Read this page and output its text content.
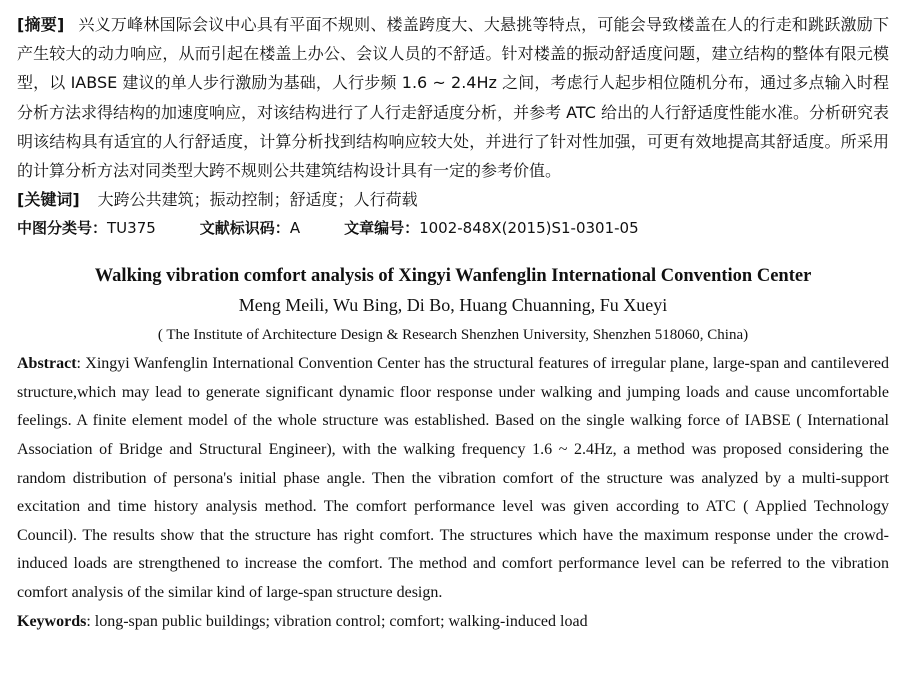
[摘要] 兴义万峰林国际会议中心具有平面不规则、楼盖跨度大、大悬挑等特点，可能会导致楼盖在人的行走和跳跃激励下产生较大的动力响应，从而引起在楼盖上办公、会议人员的不舒适。针对楼盖的振动舒适度问题，建立结构的整体有限元模型，以 IABSE 建议的单人步行激励为基础，人行步频 1.6 ~ 2.4Hz 之间，考虑行人起步相位随机分布，通过多点输入时程分析方法求得结构的加速度响应，对该结构进行了人行走舒适度分析，并参考 ATC 给出的人行舒适度性能水准。分析研究表明该结构具有适宜的人行舒适度，计算分析找到结构响应较大处，并进行了针对性加强，可更有效地提高其舒适度。所采用的计算分析方法对同类型大跨不规则公共建筑结构设计具有一定的参考价值。

[关键词] 大跨公共建筑；振动控制；舒适度；人行荷载

中图分类号：TU375	文献标识码：A	文章编号：1002-848X(2015)S1-0301-05

Walking vibration comfort analysis of Xingyi Wanfenglin International Convention Center

Meng Meili, Wu Bing, Di Bo, Huang Chuanning, Fu Xueyi

( The Institute of Architecture Design & Research Shenzhen University, Shenzhen 518060, China)

Abstract: Xingyi Wanfenglin International Convention Center has the structural features of irregular plane, large-span and cantilevered structure,which may lead to generate significant dynamic floor response under walking and jumping loads and cause uncomfortable feelings. A finite element model of the whole structure was established. Based on the single walking force of IABSE ( International Association of Bridge and Structural Engineer), with the walking frequency 1.6 ~ 2.4Hz, a method was proposed considering the random distribution of persona's initial phase angle. Then the vibration comfort of the structure was analyzed by a multi-support excitation and time history analysis method. The comfort performance level was given according to ATC ( Applied Technology Council). The results show that the structure has right comfort. The structures which have the maximum response under the crowd-induced loads are strengthened to increase the comfort. The method and comfort performance level can be referred to the vibration comfort analysis of the similar kind of large-span structure design.

Keywords: long-span public buildings; vibration control; comfort; walking-induced load
